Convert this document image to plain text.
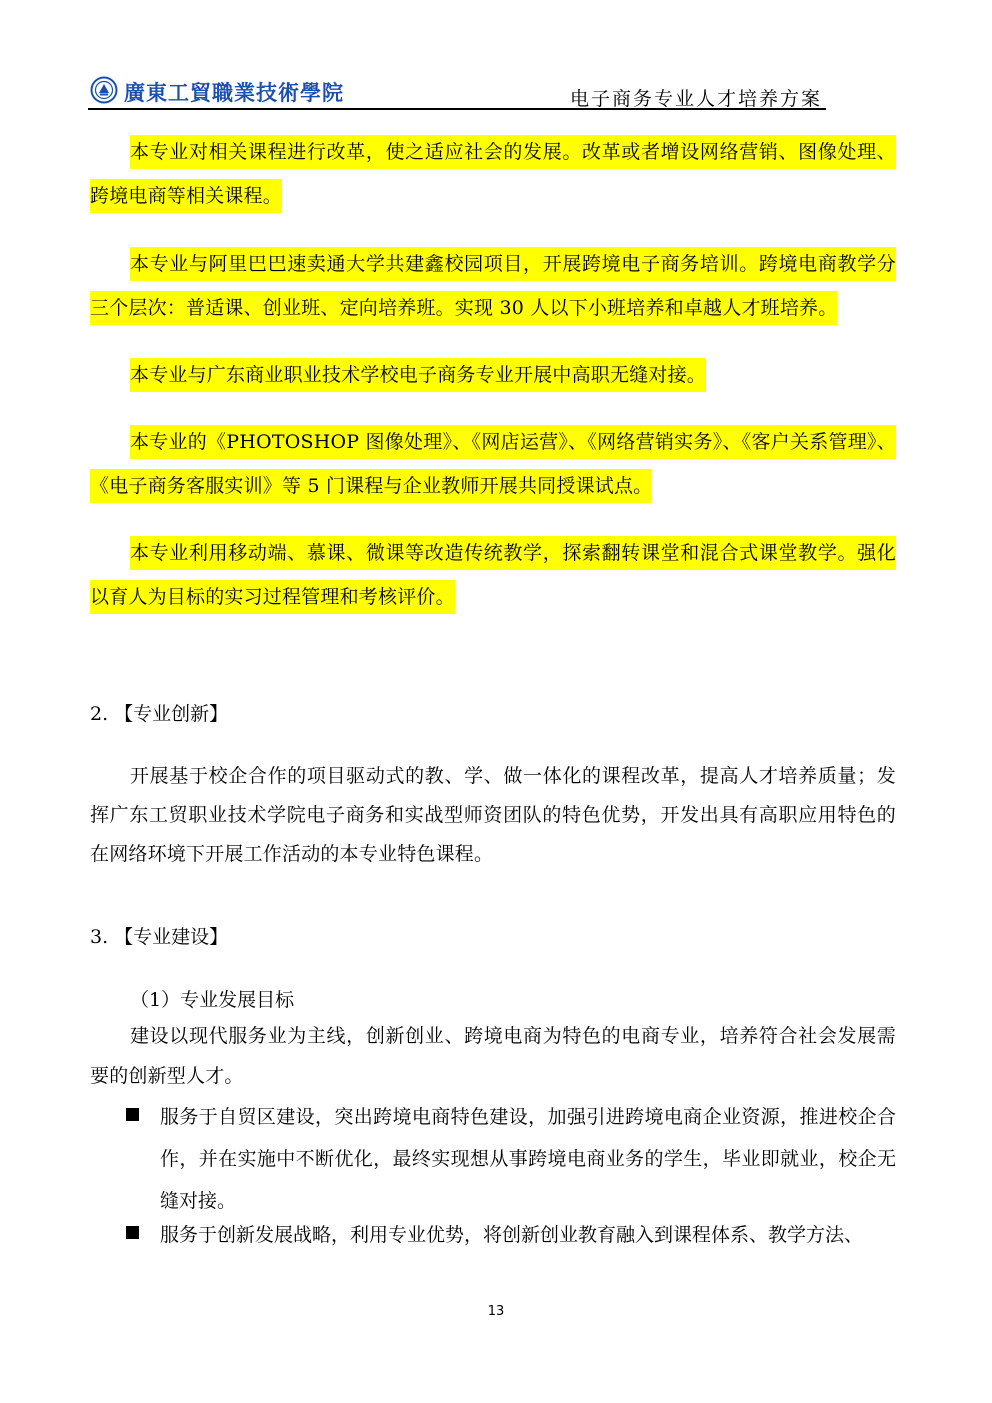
廣東工貿職業技術學院	电子商务专业人才培养方案
本专业对相关课程进行改革，使之适应社会的发展。改革或者增设网络营销、图像处理、跨境电商等相关课程。
本专业与阿里巴巴速卖通大学共建鑫校园项目，开展跨境电子商务培训。跨境电商教学分三个层次：普适课、创业班、定向培养班。实现 30 人以下小班培养和卓越人才班培养。
本专业与广东商业职业技术学校电子商务专业开展中高职无缝对接。
本专业的《PHOTOSHOP 图像处理》、《网店运营》、《网络营销实务》、《客户关系管理》、《电子商务客服实训》等 5 门课程与企业教师开展共同授课试点。
本专业利用移动端、慕课、微课等改造传统教学，探索翻转课堂和混合式课堂教学。强化以育人为目标的实习过程管理和考核评价。
2. 【专业创新】
开展基于校企合作的项目驱动式的教、学、做一体化的课程改革，提高人才培养质量；发挥广东工贸职业技术学院电子商务和实战型师资团队的特色优势，开发出具有高职应用特色的在网络环境下开展工作活动的本专业特色课程。
3. 【专业建设】
（1）专业发展目标
建设以现代服务业为主线，创新创业、跨境电商为特色的电商专业，培养符合社会发展需要的创新型人才。
服务于自贸区建设，突出跨境电商特色建设，加强引进跨境电商企业资源，推进校企合作，并在实施中不断优化，最终实现想从事跨境电商业务的学生，毕业即就业，校企无缝对接。
服务于创新发展战略，利用专业优势，将创新创业教育融入到课程体系、教学方法、
13
